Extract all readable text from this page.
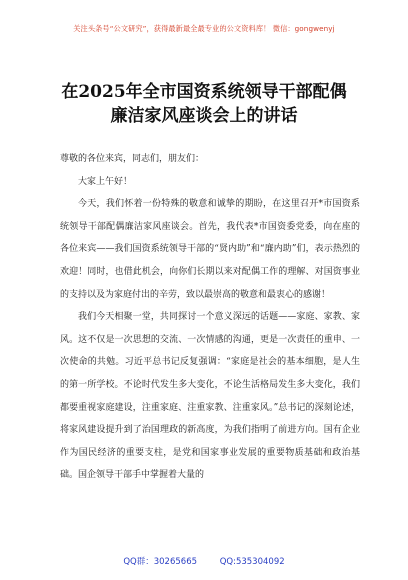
关注头条号“公文研究”，获得最新最全最专业的公文资料库！ 微信：gongwenyj
在2025年全市国资系统领导干部配偶
廉洁家风座谈会上的讲话

尊敬的各位来宾，同志们，朋友们：

大家上午好！

今天，我们怀着一份特殊的敬意和诚挚的期盼，在这里召开*市国资系统领导干部配偶廉洁家风座谈会。首先，我代表*市国资委党委，向在座的各位来宾——我们国资系统领导干部的“贤内助”和“廉内助”们，表示热烈的欢迎！同时，也借此机会，向你们长期以来对配偶工作的理解、对国资事业的支持以及为家庭付出的辛劳，致以最崇高的敬意和最衷心的感谢！

我们今天相聚一堂，共同探讨一个意义深远的话题——家庭、家教、家风。这不仅是一次思想的交流、一次情感的沟通，更是一次责任的重申、一次使命的共勉。习近平总书记反复强调：“家庭是社会的基本细胞，是人生的第一所学校。不论时代发生多大变化，不论生活格局发生多大变化，我们都要重视家庭建设，注重家庭、注重家教、注重家风。”总书记的深刻论述，将家风建设提升到了治国理政的新高度，为我们指明了前进方向。国有企业作为国民经济的重要支柱，是党和国家事业发展的重要物质基础和政治基础。国企领导干部手中掌握着大量的

QQ群：30265665	QQ:535304092
